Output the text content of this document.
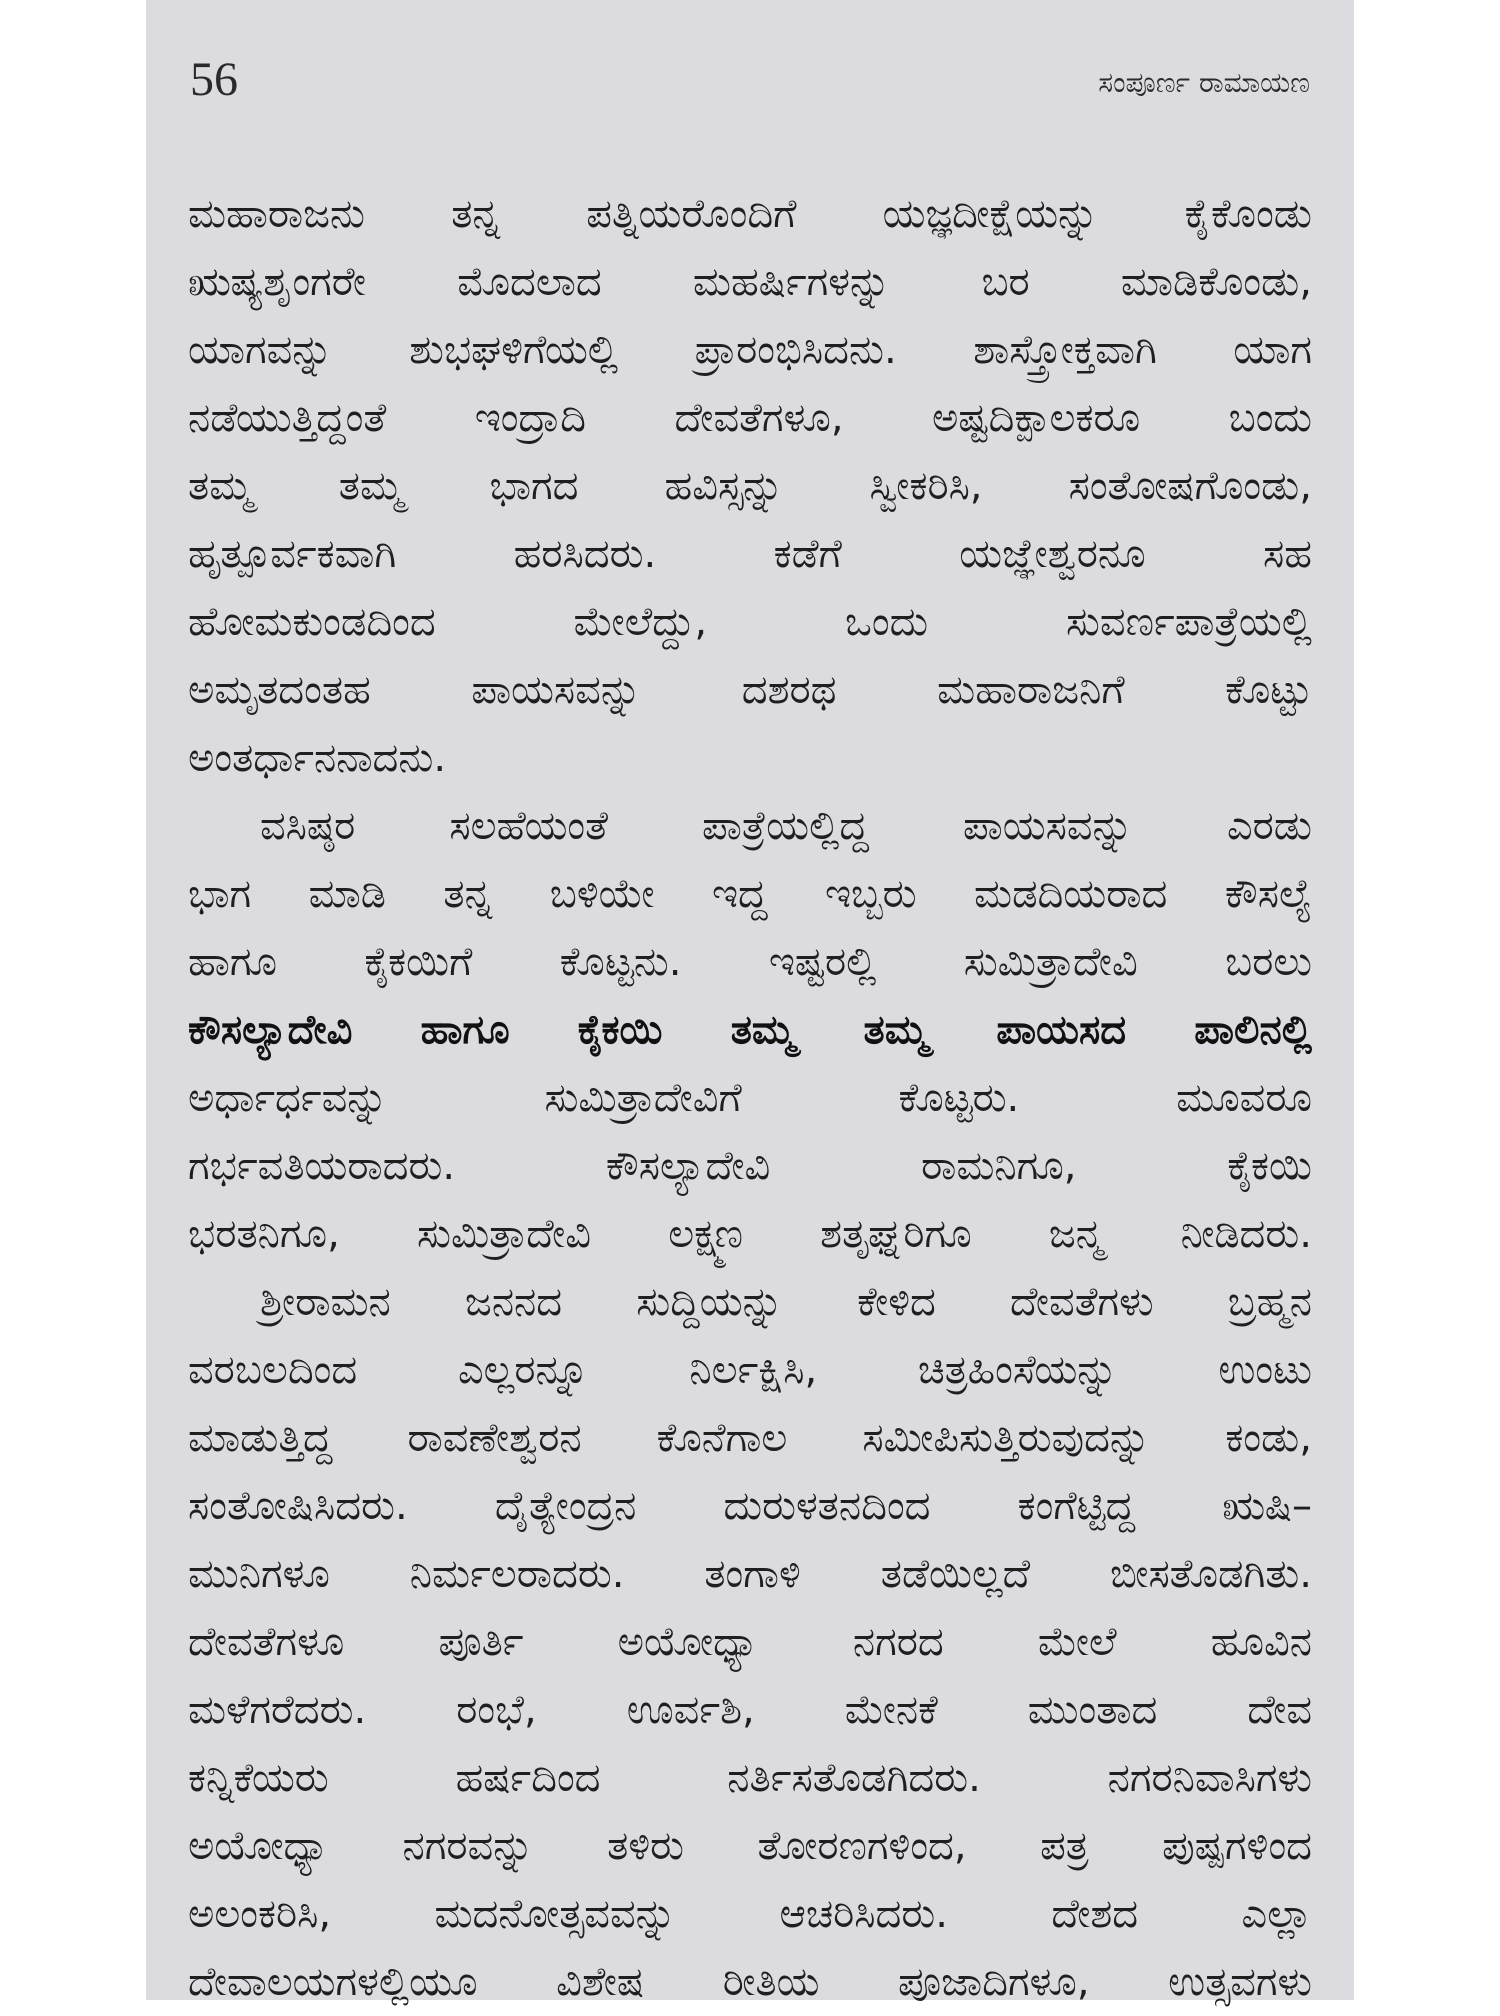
56	ಸಂಪೂರ್ಣ ರಾಮಾಯಣ
ಮಹಾರಾಜನು ತನ್ನ ಪತ್ನಿಯರೊಂದಿಗೆ ಯಜ್ಞದೀಕ್ಷೆಯನ್ನು ಕೈಕೊಂಡು
ಋಷ್ಯಶೃಂಗರೇ ಮೊದಲಾದ ಮಹರ್ಷಿಗಳನ್ನು ಬರ ಮಾಡಿಕೊಂಡು,
ಯಾಗವನ್ನು ಶುಭಘಳಿಗೆಯಲ್ಲಿ ಪ್ರಾರಂಭಿಸಿದನು. ಶಾಸ್ತ್ರೋಕ್ತವಾಗಿ ಯಾಗ
ನಡೆಯುತ್ತಿದ್ದಂತೆ ಇಂದ್ರಾದಿ ದೇವತೆಗಳೂ, ಅಷ್ಟದಿಕ್ಪಾಲಕರೂ ಬಂದು
ತಮ್ಮ ತಮ್ಮ ಭಾಗದ ಹವಿಸ್ಸನ್ನು ಸ್ವೀಕರಿಸಿ, ಸಂತೋಷಗೊಂಡು,
ಹೃತ್ಪೂರ್ವಕವಾಗಿ ಹರಸಿದರು. ಕಡೆಗೆ ಯಜ್ಞೇಶ್ವರನೂ ಸಹ
ಹೋಮಕುಂಡದಿಂದ ಮೇಲೆದ್ದು, ಒಂದು ಸುವರ್ಣಪಾತ್ರೆಯಲ್ಲಿ
ಅಮೃತದಂತಹ ಪಾಯಸವನ್ನು ದಶರಥ ಮಹಾರಾಜನಿಗೆ ಕೊಟ್ಟು
ಅಂತರ್ಧಾನನಾದನು.
ವಸಿಷ್ಠರ ಸಲಹೆಯಂತೆ ಪಾತ್ರೆಯಲ್ಲಿದ್ದ ಪಾಯಸವನ್ನು ಎರಡು
ಭಾಗ ಮಾಡಿ ತನ್ನ ಬಳಿಯೇ ಇದ್ದ ಇಬ್ಬರು ಮಡದಿಯರಾದ ಕೌಸಲ್ಯೆ
ಹಾಗೂ ಕೈಕಯಿಗೆ ಕೊಟ್ಟನು. ಇಷ್ಟರಲ್ಲಿ ಸುಮಿತ್ರಾದೇವಿ ಬರಲು
ಕೌಸಲ್ಯಾದೇವಿ ಹಾಗೂ ಕೈಕಯಿ ತಮ್ಮ ತಮ್ಮ ಪಾಯಸದ ಪಾಲಿನಲ್ಲಿ
ಅರ್ಧಾರ್ಧವನ್ನು ಸುಮಿತ್ರಾದೇವಿಗೆ ಕೊಟ್ಟರು. ಮೂವರೂ
ಗರ್ಭವತಿಯರಾದರು. ಕೌಸಲ್ಯಾದೇವಿ ರಾಮನಿಗೂ, ಕೈಕಯಿ
ಭರತನಿಗೂ, ಸುಮಿತ್ರಾದೇವಿ ಲಕ್ಷ್ಮಣ ಶತೃಘ್ನರಿಗೂ ಜನ್ಮ ನೀಡಿದರು.
ಶ್ರೀರಾಮನ ಜನನದ ಸುದ್ದಿಯನ್ನು ಕೇಳಿದ ದೇವತೆಗಳು ಬ್ರಹ್ಮನ
ವರಬಲದಿಂದ ಎಲ್ಲರನ್ನೂ ನಿರ್ಲಕ್ಷಿಸಿ, ಚಿತ್ರಹಿಂಸೆಯನ್ನು ಉಂಟು
ಮಾಡುತ್ತಿದ್ದ ರಾವಣೇಶ್ವರನ ಕೊನೆಗಾಲ ಸಮೀಪಿಸುತ್ತಿರುವುದನ್ನು ಕಂಡು,
ಸಂತೋಷಿಸಿದರು. ದೈತ್ಯೇಂದ್ರನ ದುರುಳತನದಿಂದ ಕಂಗೆಟ್ಟಿದ್ದ ಋಷಿ–
ಮುನಿಗಳೂ ನಿರ್ಮಲರಾದರು. ತಂಗಾಳಿ ತಡೆಯಿಲ್ಲದೆ ಬೀಸತೊಡಗಿತು.
ದೇವತೆಗಳೂ ಪೂರ್ತಿ ಅಯೋಧ್ಯಾ ನಗರದ ಮೇಲೆ ಹೂವಿನ
ಮಳೆಗರೆದರು. ರಂಭೆ, ಊರ್ವಶಿ, ಮೇನಕೆ ಮುಂತಾದ ದೇವ
ಕನ್ನಿಕೆಯರು ಹರ್ಷದಿಂದ ನರ್ತಿಸತೊಡಗಿದರು. ನಗರನಿವಾಸಿಗಳು
ಅಯೋಧ್ಯಾ ನಗರವನ್ನು ತಳಿರು ತೋರಣಗಳಿಂದ, ಪತ್ರ ಪುಷ್ಪಗಳಿಂದ
ಅಲಂಕರಿಸಿ, ಮದನೋತ್ಸವವನ್ನು ಆಚರಿಸಿದರು. ದೇಶದ ಎಲ್ಲಾ
ದೇವಾಲಯಗಳಲ್ಲಿಯೂ ವಿಶೇಷ ರೀತಿಯ ಪೂಜಾದಿಗಳೂ, ಉತ್ಸವಗಳು
